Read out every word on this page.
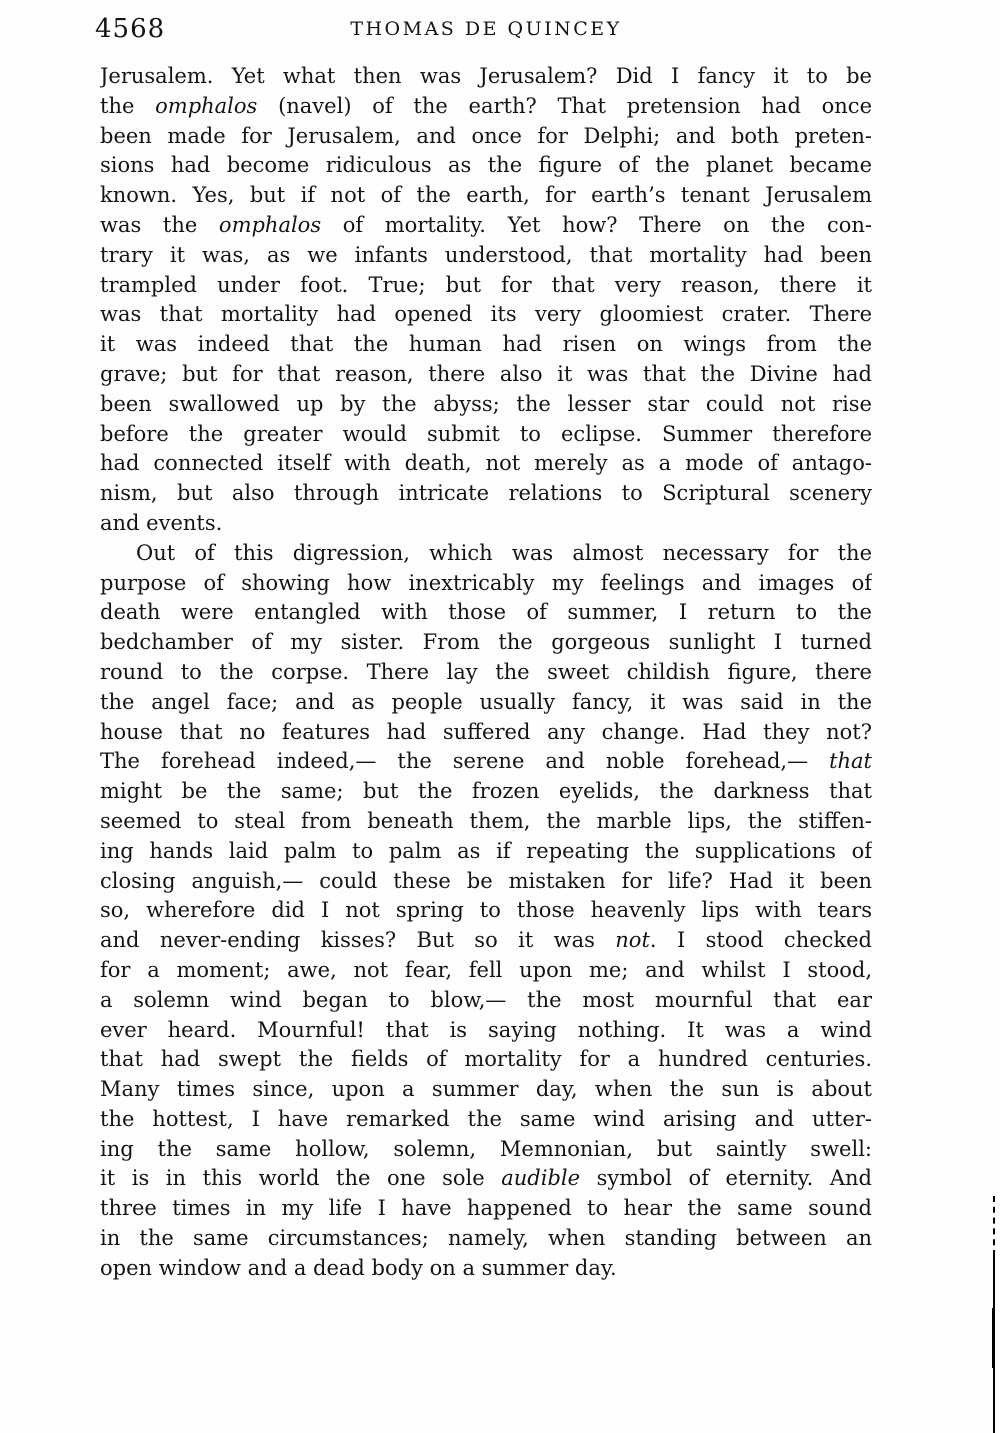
4568	THOMAS DE QUINCEY
Jerusalem. Yet what then was Jerusalem? Did I fancy it to be
the omphalos (navel) of the earth? That pretension had once
been made for Jerusalem, and once for Delphi; and both preten-
sions had become ridiculous as the figure of the planet became
known. Yes, but if not of the earth, for earth’s tenant Jerusalem
was the omphalos of mortality. Yet how? There on the con-
trary it was, as we infants understood, that mortality had been
trampled under foot. True; but for that very reason, there it
was that mortality had opened its very gloomiest crater. There
it was indeed that the human had risen on wings from the
grave; but for that reason, there also it was that the Divine had
been swallowed up by the abyss; the lesser star could not rise
before the greater would submit to eclipse. Summer therefore
had connected itself with death, not merely as a mode of antago-
nism, but also through intricate relations to Scriptural scenery
and events.
Out of this digression, which was almost necessary for the
purpose of showing how inextricably my feelings and images of
death were entangled with those of summer, I return to the
bedchamber of my sister. From the gorgeous sunlight I turned
round to the corpse. There lay the sweet childish figure, there
the angel face; and as people usually fancy, it was said in the
house that no features had suffered any change. Had they not?
The forehead indeed,— the serene and noble forehead,— that
might be the same; but the frozen eyelids, the darkness that
seemed to steal from beneath them, the marble lips, the stiffen-
ing hands laid palm to palm as if repeating the supplications of
closing anguish,— could these be mistaken for life? Had it been
so, wherefore did I not spring to those heavenly lips with tears
and never-ending kisses? But so it was not. I stood checked
for a moment; awe, not fear, fell upon me; and whilst I stood,
a solemn wind began to blow,— the most mournful that ear
ever heard. Mournful! that is saying nothing. It was a wind
that had swept the fields of mortality for a hundred centuries.
Many times since, upon a summer day, when the sun is about
the hottest, I have remarked the same wind arising and utter-
ing the same hollow, solemn, Memnonian, but saintly swell:
it is in this world the one sole audible symbol of eternity. And
three times in my life I have happened to hear the same sound
in the same circumstances; namely, when standing between an
open window and a dead body on a summer day.
